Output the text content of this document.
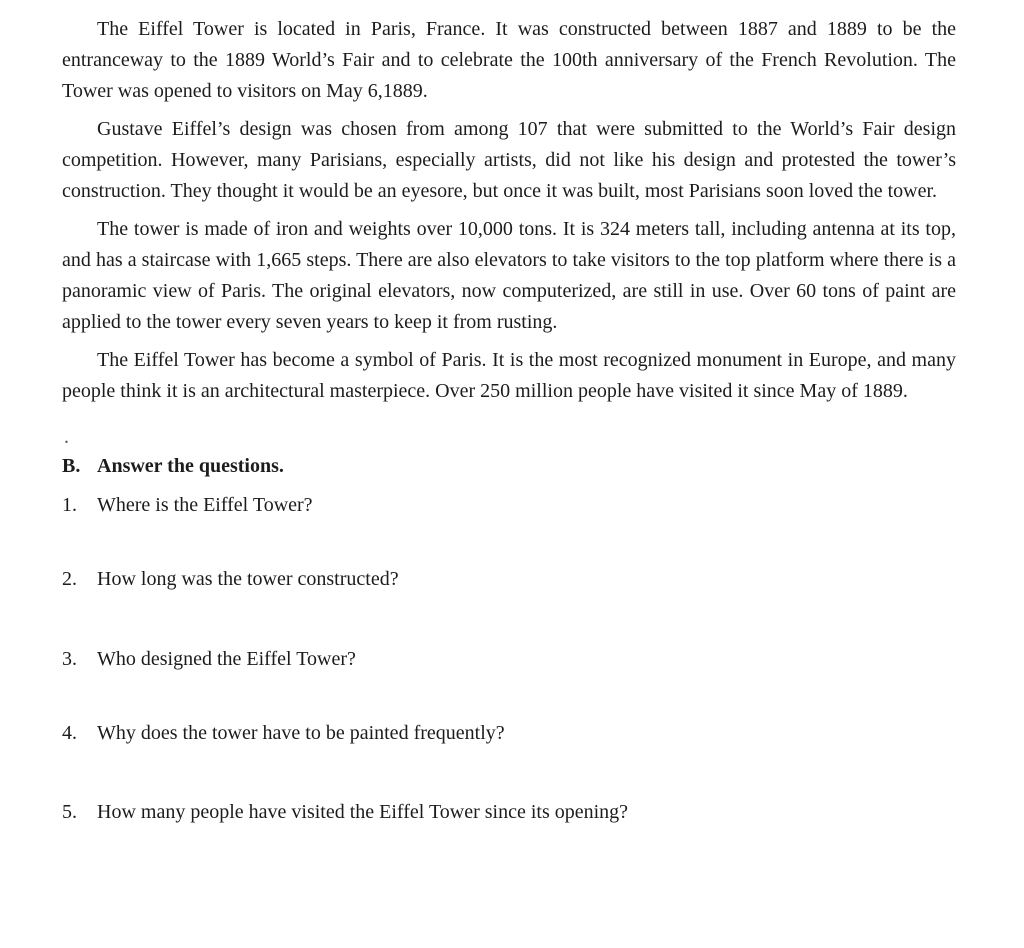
The Eiffel Tower is located in Paris, France. It was constructed between 1887 and 1889 to be the entranceway to the 1889 World’s Fair and to celebrate the 100th anniversary of the French Revolution. The Tower was opened to visitors on May 6,1889.

Gustave Eiffel’s design was chosen from among 107 that were submitted to the World’s Fair design competition. However, many Parisians, especially artists, did not like his design and protested the tower’s construction. They thought it would be an eyesore, but once it was built, most Parisians soon loved the tower.

The tower is made of iron and weights over 10,000 tons. It is 324 meters tall, including antenna at its top, and has a staircase with 1,665 steps. There are also elevators to take visitors to the top platform where there is a panoramic view of Paris. The original elevators, now computerized, are still in use. Over 60 tons of paint are applied to the tower every seven years to keep it from rusting.

The Eiffel Tower has become a symbol of Paris. It is the most recognized monument in Europe, and many people think it is an architectural masterpiece. Over 250 million people have visited it since May of 1889.

.
B. Answer the questions.
1.	Where is the Eiffel Tower?
2.	How long was the tower constructed?
3.	Who designed the Eiffel Tower?
4.	Why does the tower have to be painted frequently?
5.	How many people have visited the Eiffel Tower since its opening?
